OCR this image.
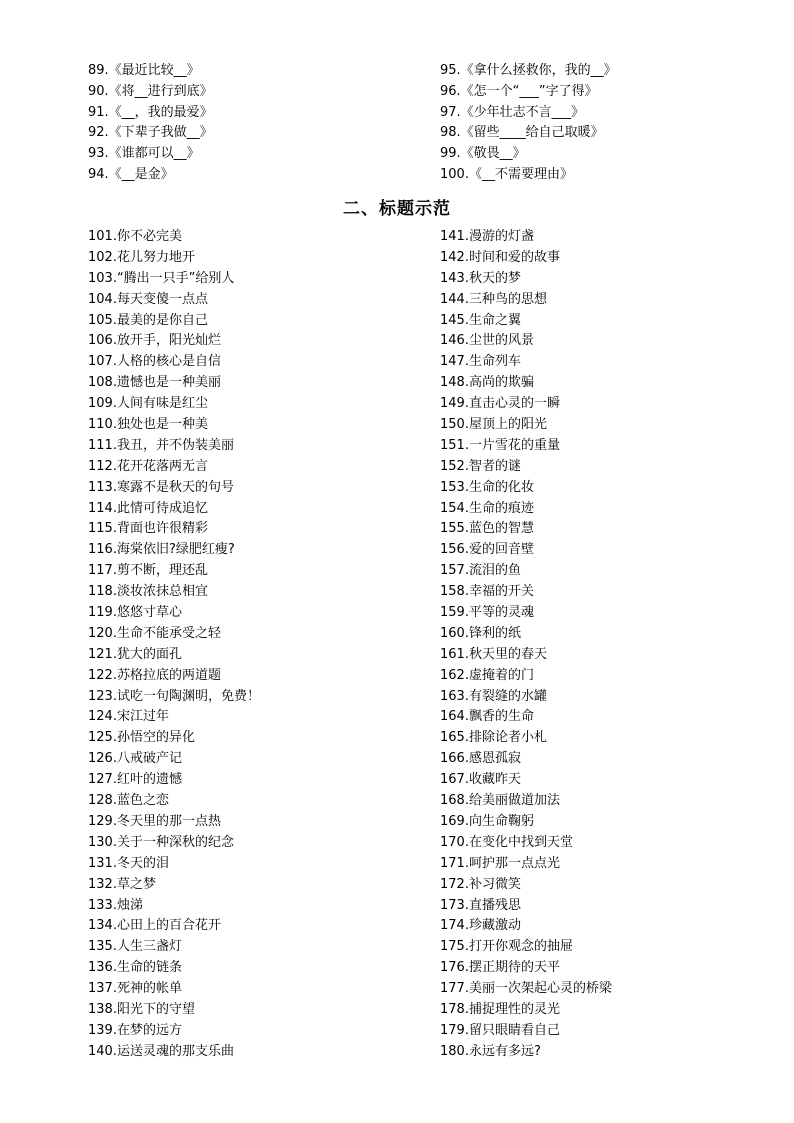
89.《最近比较__》
90.《将__进行到底》
91.《__，我的最爱》
92.《下辈子我做__》
93.《谁都可以__》
94.《__是金》
95.《拿什么拯救你，我的__》
96.《怎一个“___”字了得》
97.《少年壮志不言___》
98.《留些____给自己取暖》
99.《敬畏__》
100.《__不需要理由》
二、标题示范
101.你不必完美
102.花儿努力地开
103.“腾出一只手”给别人
104.每天变傻一点点
105.最美的是你自己
106.放开手，阳光灿烂
107.人格的核心是自信
108.遗憾也是一种美丽
109.人间有味是红尘
110.独处也是一种美
111.我丑，并不伪装美丽
112.花开花落两无言
113.寒露不是秋天的句号
114.此情可待成追忆
115.背面也许很精彩
116.海棠依旧?绿肥红瘦?
117.剪不断，理还乱
118.淡妆浓抹总相宜
119.悠悠寸草心
120.生命不能承受之轻
121.犹大的面孔
122.苏格拉底的两道题
123.试吃一句陶渊明，免费！
124.宋江过年
125.孙悟空的异化
126.八戒破产记
127.红叶的遗憾
128.蓝色之恋
129.冬天里的那一点热
130.关于一种深秋的纪念
131.冬天的泪
132.草之梦
133.烛涕
134.心田上的百合花开
135.人生三盏灯
136.生命的链条
137.死神的帐单
138.阳光下的守望
139.在梦的远方
140.运送灵魂的那支乐曲
141.漫游的灯盏
142.时间和爱的故事
143.秋天的梦
144.三种鸟的思想
145.生命之翼
146.尘世的风景
147.生命列车
148.高尚的欺骗
149.直击心灵的一瞬
150.屋顶上的阳光
151.一片雪花的重量
152.智者的谜
153.生命的化妆
154.生命的痕迹
155.蓝色的智慧
156.爱的回音壁
157.流泪的鱼
158.幸福的开关
159.平等的灵魂
160.锋利的纸
161.秋天里的春天
162.虚掩着的门
163.有裂缝的水罐
164.飘香的生命
165.排除论者小札
166.感恩孤寂
167.收藏昨天
168.给美丽做道加法
169.向生命鞠躬
170.在变化中找到天堂
171.呵护那一点点光
172.补习微笑
173.直播残思
174.珍藏激动
175.打开你观念的抽屉
176.摆正期待的天平
177.美丽一次架起心灵的桥梁
178.捕捉理性的灵光
179.留只眼睛看自己
180.永远有多远?
